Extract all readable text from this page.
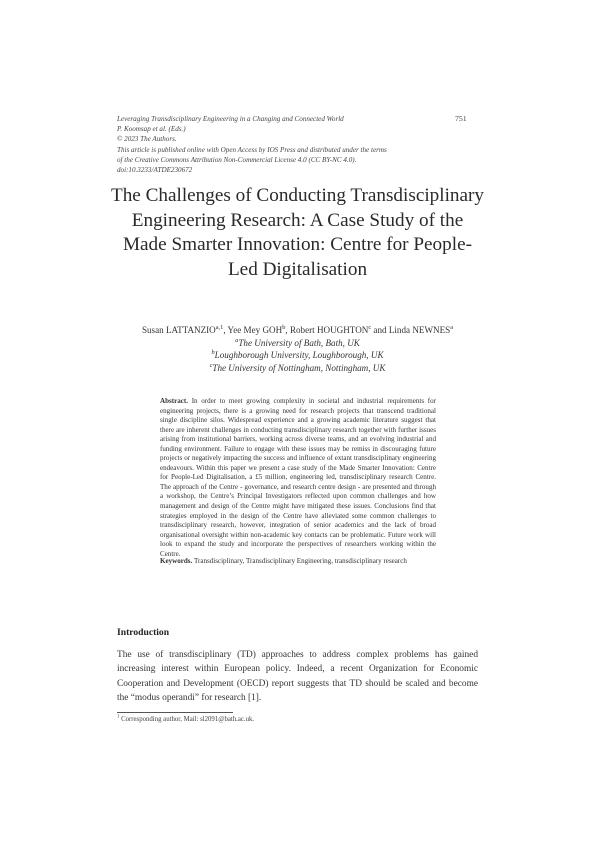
Leveraging Transdisciplinary Engineering in a Changing and Connected World
P. Koomsap et al. (Eds.)
© 2023 The Authors.
This article is published online with Open Access by IOS Press and distributed under the terms
of the Creative Commons Attribution Non-Commercial License 4.0 (CC BY-NC 4.0).
doi:10.3233/ATDE230672
751
The Challenges of Conducting Transdisciplinary Engineering Research: A Case Study of the Made Smarter Innovation: Centre for People-Led Digitalisation
Susan LATTANZIO$^{a,1}$, Yee Mey GOH$^b$, Robert HOUGHTON$^c$ and Linda NEWNES$^a$
$^a$The University of Bath, Bath, UK
$^b$Loughborough University, Loughborough, UK
$^c$The University of Nottingham, Nottingham, UK
Abstract. In order to meet growing complexity in societal and industrial requirements for engineering projects, there is a growing need for research projects that transcend traditional single discipline silos. Widespread experience and a growing academic literature suggest that there are inherent challenges in conducting transdisciplinary research together with further issues arising from institutional barriers, working across diverse teams, and an evolving industrial and funding environment. Failure to engage with these issues may be remiss in discouraging future projects or negatively impacting the success and influence of extant transdisciplinary engineering endeavours. Within this paper we present a case study of the Made Smarter Innovation: Centre for People-Led Digitalisation, a £5 million, engineering led, transdisciplinary research Centre. The approach of the Centre - governance, and research centre design - are presented and through a workshop, the Centre’s Principal Investigators reflected upon common challenges and how management and design of the Centre might have mitigated these issues. Conclusions find that strategies employed in the design of the Centre have alleviated some common challenges to transdisciplinary research, however, integration of senior academics and the lack of broad organisational oversight within non-academic key contacts can be problematic. Future work will look to expand the study and incorporate the perspectives of researchers working within the Centre.
Keywords. Transdisciplinary, Transdisciplinary Engineering, transdisciplinary research
Introduction
The use of transdisciplinary (TD) approaches to address complex problems has gained increasing interest within European policy. Indeed, a recent Organization for Economic Cooperation and Development (OECD) report suggests that TD should be scaled and become the “modus operandi” for research [1].
$^1$ Corresponding author, Mail: sl2091@bath.ac.uk.
